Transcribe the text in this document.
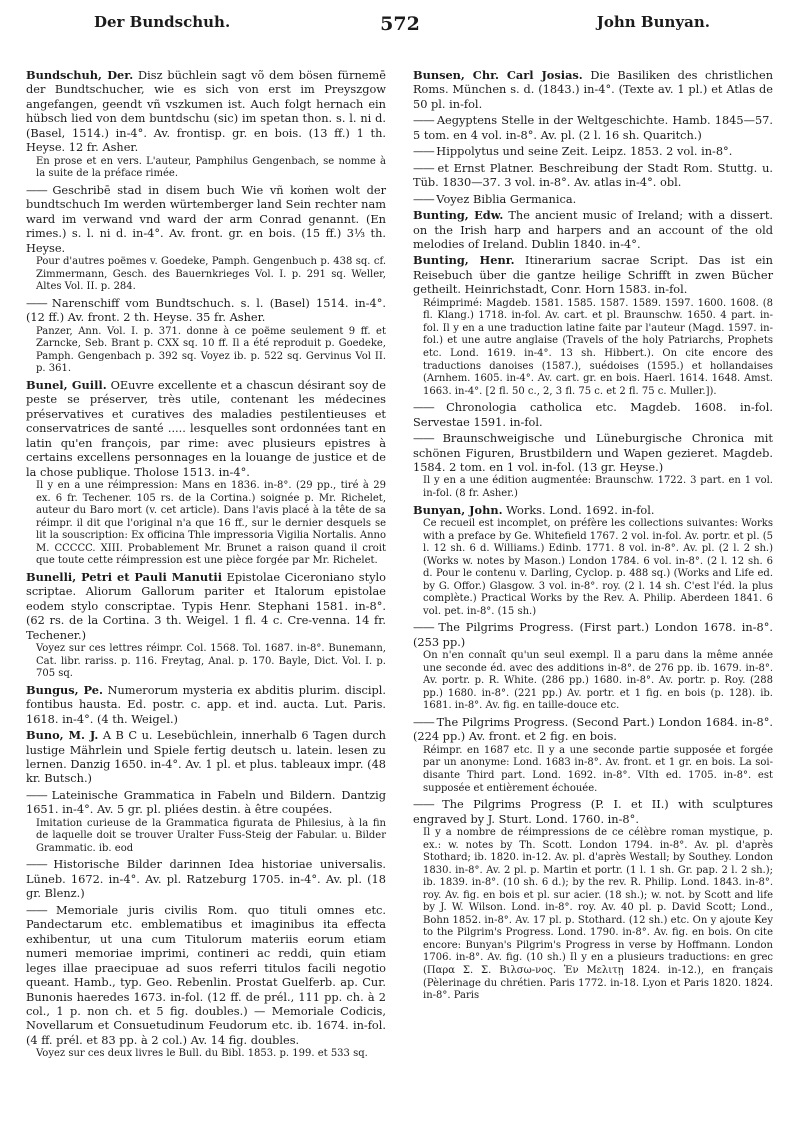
Der Bundschuh.	572	John Bunyan.
Bundschuh, Der. Disz büchlein sagt võ dem bösen fürnemē der Bundtschucher, wie es sich von erst im Preyszgow angefangen, geendt vñ vszkumen ist. Auch folgt hernach ein hübsch lied von dem buntdschu (sic) im spetan thon. s. l. ni d. (Basel, 1514.) in-4°. Av. frontisp. gr. en bois. (13 ff.) 1 th. Heyse. 12 fr. Asher.
En prose et en vers. L'auteur, Pamphilus Gengenbach, se nomme à la suite de la préface rimée.
—— Geschribē stad in disem buch Wie vñ koṁen wolt der bundtschuch Im werden würtemberger land Sein rechter nam ward im verwand vnd ward der arm Conrad genannt. (En rimes.) s. l. ni d. in-4°. Av. front. gr. en bois. (15 ff.) 3⅓ th. Heyse.
Pour d'autres poëmes v. Goedeke, Pamph. Gengenbuch p. 438 sq. cf. Zimmermann, Gesch. des Bauernkrieges Vol. I. p. 291 sq. Weller, Altes Vol. II. p. 284.
—— Narenschiff vom Bundtschuch. s. l. (Basel) 1514. in-4°. (12 ff.) Av. front. 2 th. Heyse. 35 fr. Asher.
Panzer, Ann. Vol. I. p. 371. donne à ce poëme seulement 9 ff. et Zarncke, Seb. Brant p. CXX sq. 10 ff. Il a été reproduit p. Goedeke, Pamph. Gengenbach p. 392 sq. Voyez ib. p. 522 sq. Gervinus Vol II. p. 361.
Bunel, Guill. OEuvre excellente et a chascun désirant soy de peste se préserver, très utile, contenant les médecines préservatives et curatives des maladies pestilentieuses et conservatrices de santé ..... lesquelles sont ordonnées tant en latin qu'en françois, par rime: avec plusieurs epistres à certains excellens personnages en la louange de justice et de la chose publique. Tholose 1513. in-4°.
Il y en a une réimpression: Mans en 1836. in-8°. (29 pp., tiré à 29 ex. 6 fr. Techener. 105 rs. de la Cortina.) soignée p. Mr. Richelet, auteur du Baro mort (v. cet article). Dans l'avis placé à la tête de sa réimpr. il dit que l'original n'a que 16 ff., sur le dernier desquels se lit la souscription: Ex officina Thle impressoria Vigilia Nortalis. Anno M. CCCCC. XIII. Probablement Mr. Brunet a raison quand il croit que toute cette réimpression est une pièce forgée par Mr. Richelet.
Bunelli, Petri et Pauli Manutii Epistolae Ciceroniano stylo scriptae. Aliorum Gallorum pariter et Italorum epistolae eodem stylo conscriptae. Typis Henr. Stephani 1581. in-8°. (62 rs. de la Cortina. 3 th. Weigel. 1 fl. 4 c. Cre-venna. 14 fr. Techener.)
Voyez sur ces lettres réimpr. Col. 1568. Tol. 1687. in-8°. Bunemann, Cat. libr. rariss. p. 116. Freytag, Anal. p. 170. Bayle, Dict. Vol. I. p. 705 sq.
Bungus, Pe. Numerorum mysteria ex abditis plurim. discipl. fontibus hausta. Ed. postr. c. app. et ind. aucta. Lut. Paris. 1618. in-4°. (4 th. Weigel.)
Buno, M. J. A B C u. Lesebüchlein, innerhalb 6 Tagen durch lustige Mährlein und Spiele fertig deutsch u. latein. lesen zu lernen. Danzig 1650. in-4°. Av. 1 pl. et plus. tableaux impr. (48 kr. Butsch.)
—— Lateinische Grammatica in Fabeln und Bildern. Dantzig 1651. in-4°. Av. 5 gr. pl. pliées destin. à être coupées.
Imitation curieuse de la Grammatica figurata de Philesius, à la fin de laquelle doit se trouver Uralter Fuss-Steig der Fabular. u. Bilder Grammatic. ib. eod
—— Historische Bilder darinnen Idea historiae universalis. Lüneb. 1672. in-4°. Av. pl. Ratzeburg 1705. in-4°. Av. pl. (18 gr. Blenz.)
—— Memoriale juris civilis Rom. quo tituli omnes etc. Pandectarum etc. emblematibus et imaginibus ita effecta exhibentur, ut una cum Titulorum materiis eorum etiam numeri memoriae imprimi, contineri ac reddi, quin etiam leges illae praecipuae ad suos referri titulos facili negotio queant. Hamb., typ. Geo. Rebenlin. Prostat Guelferb. ap. Cur. Bunonis haeredes 1673. in-fol. (12 ff. de prél., 111 pp. ch. à 2 col., 1 p. non ch. et 5 fig. doubles.) — Memoriale Codicis, Novellarum et Consuetudinum Feudorum etc. ib. 1674. in-fol. (4 ff. prél. et 83 pp. à 2 col.) Av. 14 fig. doubles.
Voyez sur ces deux livres le Bull. du Bibl. 1853. p. 199. et 533 sq.
Bunsen, Chr. Carl Josias. Die Basiliken des christlichen Roms. München s. d. (1843.) in-4°. (Texte av. 1 pl.) et Atlas de 50 pl. in-fol.
—— Aegyptens Stelle in der Weltgeschichte. Hamb. 1845—57. 5 tom. en 4 vol. in-8°. Av. pl. (2 l. 16 sh. Quaritch.)
—— Hippolytus und seine Zeit. Leipz. 1853. 2 vol. in-8°.
—— et Ernst Platner. Beschreibung der Stadt Rom. Stuttg. u. Tüb. 1830—37. 3 vol. in-8°. Av. atlas in-4°. obl.
—— Voyez Biblia Germanica.
Bunting, Edw. The ancient music of Ireland; with a dissert. on the Irish harp and harpers and an account of the old melodies of Ireland. Dublin 1840. in-4°.
Bunting, Henr. Itinerarium sacrae Script. Das ist ein Reisebuch über die gantze heilige Schrifft in zwen Bücher getheilt. Heinrichstadt, Conr. Horn 1583. in-fol.
Réimprimé: Magdeb. 1581. 1585. 1587. 1589. 1597. 1600. 1608. (8 fl. Klang.) 1718. in-fol. Av. cart. et pl. Braunschw. 1650. 4 part. in-fol. Il y en a une traduction latine faite par l'auteur (Magd. 1597. in-fol.) et une autre anglaise (Travels of the holy Patriarchs, Prophets etc. Lond. 1619. in-4°. 13 sh. Hibbert.). On cite encore des traductions danoises (1587.), suédoises (1595.) et hollandaises (Arnhem. 1605. in-4°. Av. cart. gr. en bois. Haerl. 1614. 1648. Amst. 1663. in-4°. [2 fl. 50 c., 2, 3 fl. 75 c. et 2 fl. 75 c. Muller.]).
—— Chronologia catholica etc. Magdeb. 1608. in-fol. Servestae 1591. in-fol.
—— Braunschweigische und Lüneburgische Chronica mit schönen Figuren, Brustbildern und Wapen gezieret. Magdeb. 1584. 2 tom. en 1 vol. in-fol. (13 gr. Heyse.)
Il y en a une édition augmentée: Braunschw. 1722. 3 part. en 1 vol. in-fol. (8 fr. Asher.)
Bunyan, John. Works. Lond. 1692. in-fol.
Ce recueil est incomplet, on préfère les collections suivantes: Works with a preface by Ge. Whitefield 1767. 2 vol. in-fol. Av. portr. et pl. (5 l. 12 sh. 6 d. Williams.) Edinb. 1771. 8 vol. in-8°. Av. pl. (2 l. 2 sh.) (Works w. notes by Mason.) London 1784. 6 vol. in-8°. (2 l. 12 sh. 6 d. Pour le contenu v. Darling, Cyclop. p. 488 sq.) (Works and Life ed. by G. Offor.) Glasgow. 3 vol. in-8°. roy. (2 l. 14 sh. C'est l'éd. la plus complète.) Practical Works by the Rev. A. Philip. Aberdeen 1841. 6 vol. pet. in-8°. (15 sh.)
—— The Pilgrims Progress. (First part.) London 1678. in-8°. (253 pp.)
On n'en connaît qu'un seul exempl. Il a paru dans la même année une seconde éd. avec des additions in-8°. de 276 pp. ib. 1679. in-8°. Av. portr. p. R. White. (286 pp.) 1680. in-8°. Av. portr. p. Roy. (288 pp.) 1680. in-8°. (221 pp.) Av. portr. et 1 fig. en bois (p. 128). ib. 1681. in-8°. Av. fig. en taille-douce etc.
—— The Pilgrims Progress. (Second Part.) London 1684. in-8°. (224 pp.) Av. front. et 2 fig. en bois.
Réimpr. en 1687 etc. Il y a une seconde partie supposée et forgée par un anonyme: Lond. 1683 in-8°. Av. front. et 1 gr. en bois. La soi-disante Third part. Lond. 1692. in-8°. VIth ed. 1705. in-8°. est supposée et entièrement échouée.
—— The Pilgrims Progress (P. I. et II.) with sculptures engraved by J. Sturt. Lond. 1760. in-8°.
Il y a nombre de réimpressions de ce célèbre roman mystique, p. ex.: w. notes by Th. Scott. London 1794. in-8°. Av. pl. d'après Stothard; ib. 1820. in-12. Av. pl. d'après Westall; by Southey. London 1830. in-8°. Av. 2 pl. p. Martin et portr. (1 l. 1 sh. Gr. pap. 2 l. 2 sh.); ib. 1839. in-8°. (10 sh. 6 d.); by the rev. R. Philip. Lond. 1843. in-8°. roy. Av. fig. en bois et pl. sur acier. (18 sh.); w. not. by Scott and life by J. W. Wilson. Lond. in-8°. roy. Av. 40 pl. p. David Scott; Lond., Bohn 1852. in-8°. Av. 17 pl. p. Stothard. (12 sh.) etc. On y ajoute Key to the Pilgrim's Progress. Lond. 1790. in-8°. Av. fig. en bois. On cite encore: Bunyan's Pilgrim's Progress in verse by Hoffmann. London 1706. in-8°. Av. fig. (10 sh.) Il y en a plusieurs traductions: en grec (Παρα Σ. Σ. Βιλσω-νος. Ἐν Μελιτῃ 1824. in-12.), en français (Pèlerinage du chrétien. Paris 1772. in-18. Lyon et Paris 1820. 1824. in-8°. Paris
